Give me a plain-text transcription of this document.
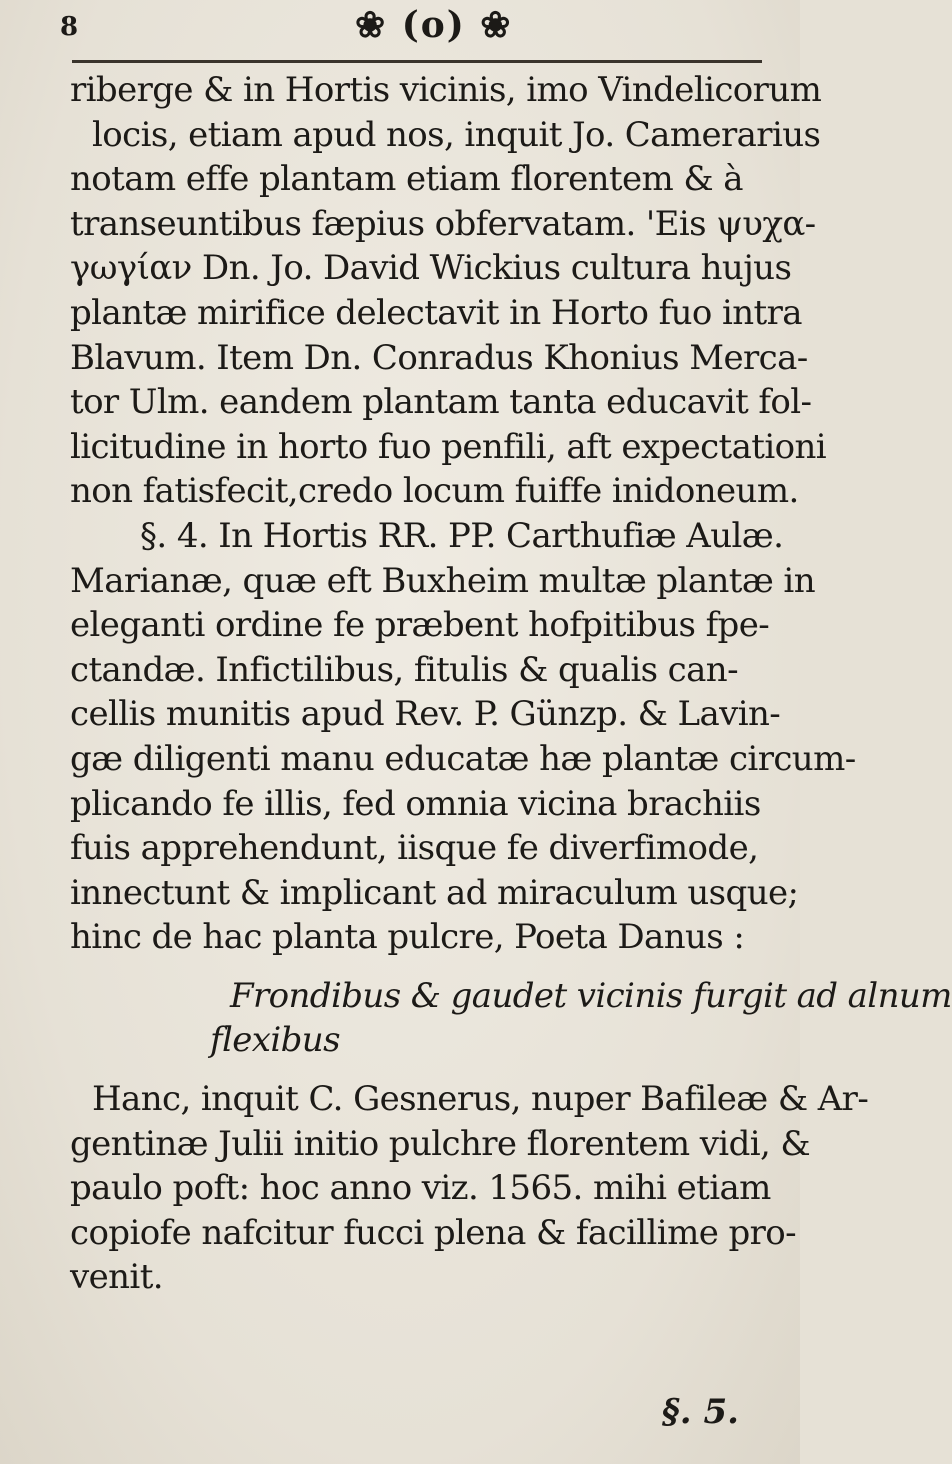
8	❀ (o) ❀
riberge & in Hortis vicinis, imo Vindelicorum
locis, etiam apud nos, inquit Jo. Camerarius
notam effe plantam etiam florentem & à
transeuntibus fæpius obfervatam. 'Eis ψυχα-
γωγίαν Dn. Jo. David Wickius cultura hujus
plantæ mirifice delectavit in Horto fuo intra
Blavum. Item Dn. Conradus Khonius Merca-
tor Ulm. eandem plantam tanta educavit fol-
licitudine in horto fuo penfili, aft expectationi
non fatisfecit,credo locum fuiffe inidoneum.
§. 4. In Hortis RR. PP. Carthufiæ Aulæ.
Marianæ, quæ eft Buxheim multæ plantæ in
eleganti ordine fe præbent hofpitibus fpe-
ctandæ. Infictilibus, fitulis & qualis can-
cellis munitis apud Rev. P. Günzp. & Lavin-
gæ diligenti manu educatæ hæ plantæ circum-
plicando fe illis, fed omnia vicina brachiis
fuis apprehendunt, iisque fe diverfimode,
innectunt & implicant ad miraculum usque;
hinc de hac planta pulcre, Poeta Danus :
Frondibus & gaudet vicinis furgit ad alnum
flexibus
Hanc, inquit C. Gesnerus, nuper Bafileæ & Ar-
gentinæ Julii initio pulchre florentem vidi, &
paulo poft: hoc anno viz. 1565. mihi etiam
copiofe nafcitur fucci plena & facillime pro-
venit.
§. 5.
